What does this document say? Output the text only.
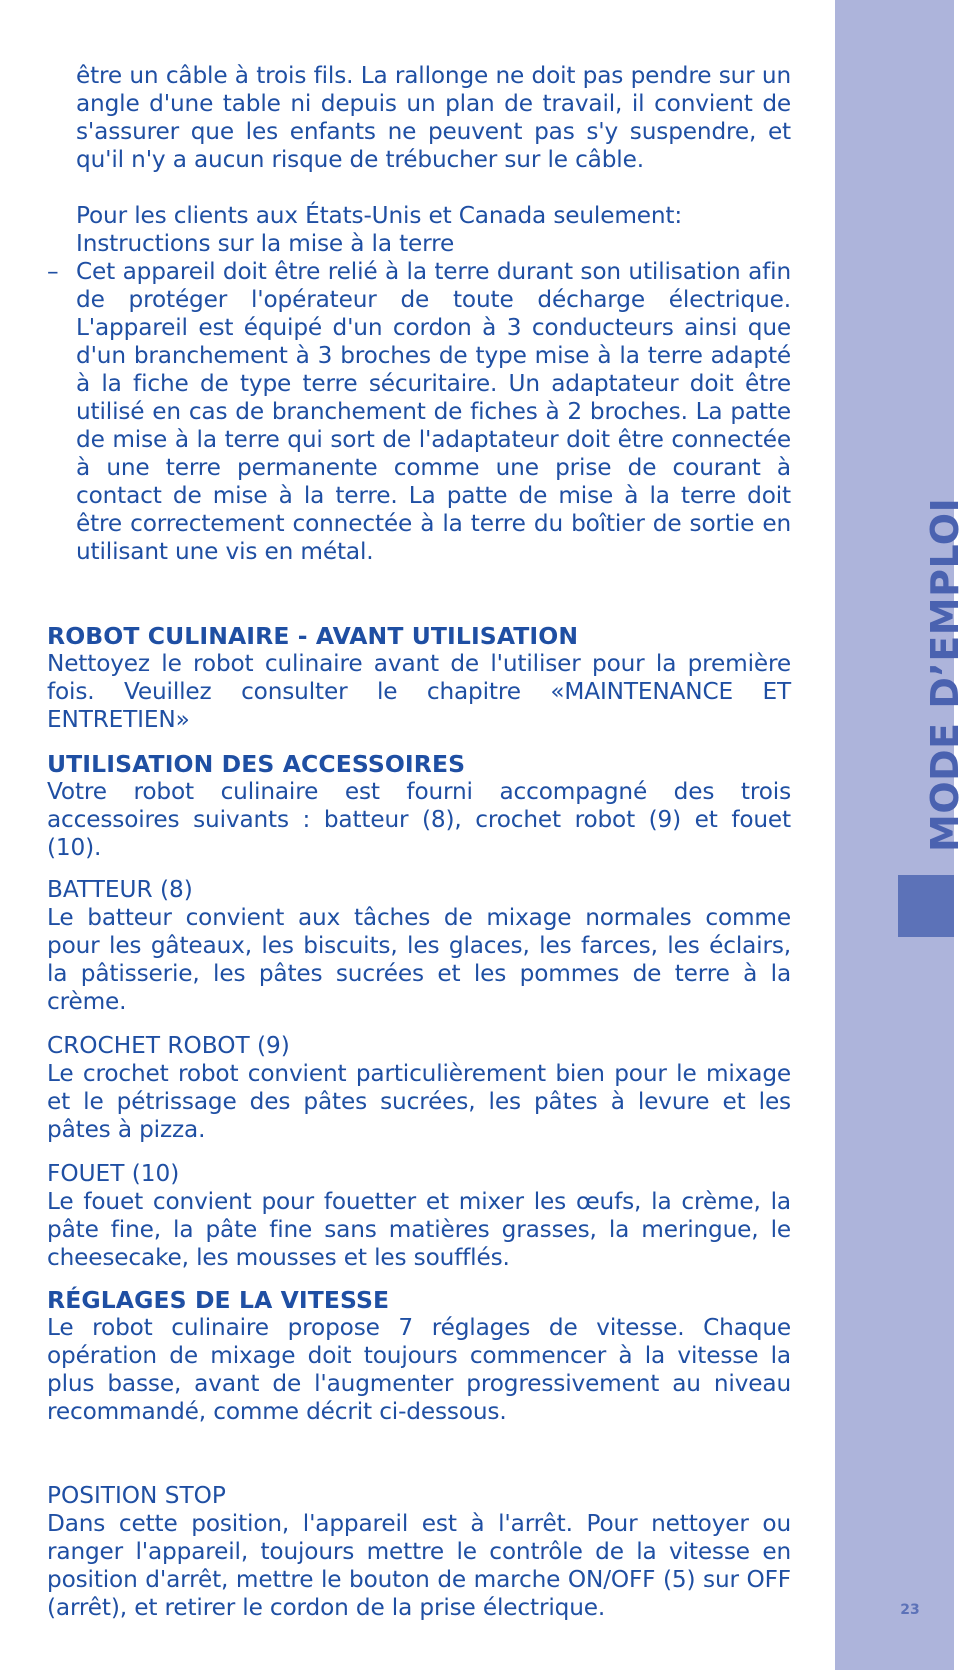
MODE D’EMPLOI
23

être un câble à trois fils. La rallonge ne doit pas pendre sur un angle d'une table ni depuis un plan de travail, il convient de s'assurer que les enfants ne peuvent pas s'y suspendre, et qu'il n'y a aucun risque de trébucher sur le câble.

Pour les clients aux États-Unis et Canada seulement:

Instructions sur la mise à la terre

– Cet appareil doit être relié à la terre durant son utilisation afin de protéger l'opérateur de toute décharge électrique. L'appareil est équipé d'un cordon à 3 conducteurs ainsi que d'un branchement à 3 broches de type mise à la terre adapté à la fiche de type terre sécuritaire. Un adaptateur doit être utilisé en cas de branchement de fiches à 2 broches. La patte de mise à la terre qui sort de l'adaptateur doit être connectée à une terre permanente comme une prise de courant à contact de mise à la terre. La patte de mise à la terre doit être correctement connectée à la terre du boîtier de sortie en utilisant une vis en métal.

ROBOT CULINAIRE - AVANT UTILISATION

Nettoyez le robot culinaire avant de l'utiliser pour la première fois. Veuillez consulter le chapitre «MAINTENANCE ET ENTRETIEN»

UTILISATION DES ACCESSOIRES

Votre robot culinaire est fourni accompagné des trois accessoires suivants : batteur (8), crochet robot (9) et fouet (10).

BATTEUR (8)

Le batteur convient aux tâches de mixage normales comme pour les gâteaux, les biscuits, les glaces, les farces, les éclairs, la pâtisserie, les pâtes sucrées et les pommes de terre à la crème.

CROCHET ROBOT (9)

Le crochet robot convient particulièrement bien pour le mixage et le pétrissage des pâtes sucrées, les pâtes à levure et les pâtes à pizza.

FOUET (10)

Le fouet convient pour fouetter et mixer les œufs, la crème, la pâte fine, la pâte fine sans matières grasses, la meringue, le cheesecake, les mousses et les soufflés.

RÉGLAGES DE LA VITESSE

Le robot culinaire propose 7 réglages de vitesse. Chaque opération de mixage doit toujours commencer à la vitesse la plus basse, avant de l'augmenter progressivement au niveau recommandé, comme décrit ci-dessous.

POSITION STOP

Dans cette position, l'appareil est à l'arrêt. Pour nettoyer ou ranger l'appareil, toujours mettre le contrôle de la vitesse en position d'arrêt, mettre le bouton de marche ON/OFF (5) sur OFF (arrêt), et retirer le cordon de la prise électrique.
